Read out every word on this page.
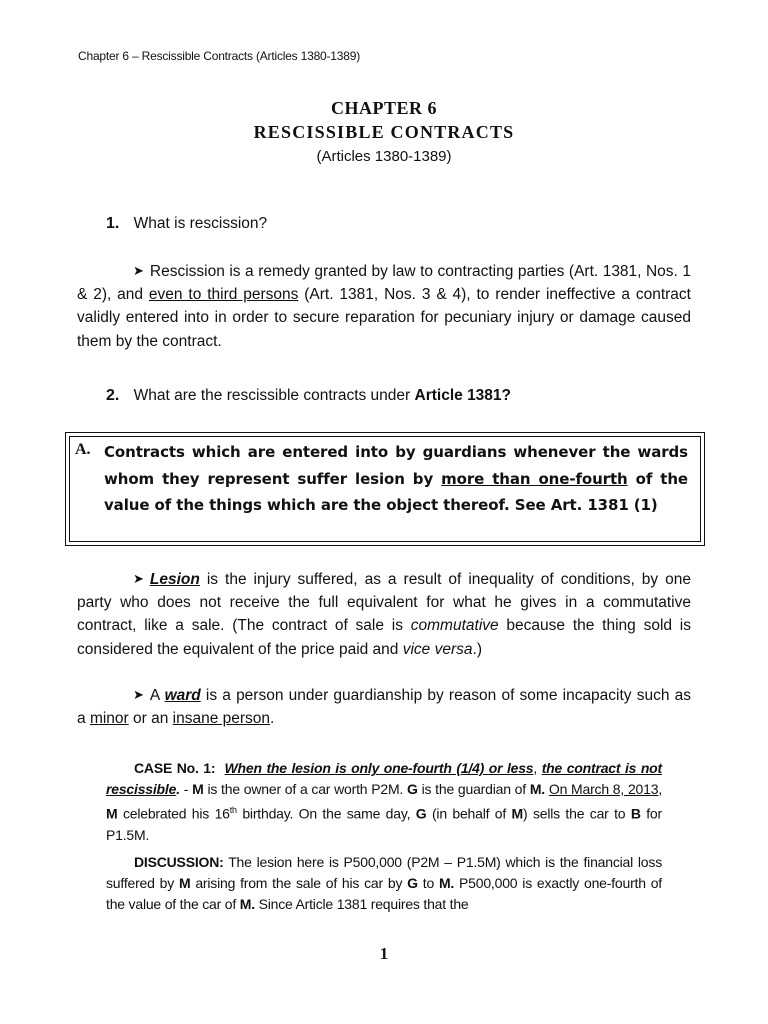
Chapter 6 – Rescissible Contracts (Articles 1380-1389)
CHAPTER 6
RESCISSIBLE CONTRACTS
(Articles 1380-1389)
1. What is rescission?
➤ Rescission is a remedy granted by law to contracting parties (Art. 1381, Nos. 1 & 2), and even to third persons (Art. 1381, Nos. 3 & 4), to render ineffective a contract validly entered into in order to secure reparation for pecuniary injury or damage caused them by the contract.
2. What are the rescissible contracts under Article 1381?
A. Contracts which are entered into by guardians whenever the wards whom they represent suffer lesion by more than one-fourth of the value of the things which are the object thereof. See Art. 1381 (1)
➤ Lesion is the injury suffered, as a result of inequality of conditions, by one party who does not receive the full equivalent for what he gives in a commutative contract, like a sale. (The contract of sale is commutative because the thing sold is considered the equivalent of the price paid and vice versa.)
➤ A ward is a person under guardianship by reason of some incapacity such as a minor or an insane person.
CASE No. 1: When the lesion is only one-fourth (1/4) or less, the contract is not rescissible. - M is the owner of a car worth P2M. G is the guardian of M. On March 8, 2013, M celebrated his 16th birthday. On the same day, G (in behalf of M) sells the car to B for P1.5M.
DISCUSSION: The lesion here is P500,000 (P2M – P1.5M) which is the financial loss suffered by M arising from the sale of his car by G to M. P500,000 is exactly one-fourth of the value of the car of M. Since Article 1381 requires that the
1
